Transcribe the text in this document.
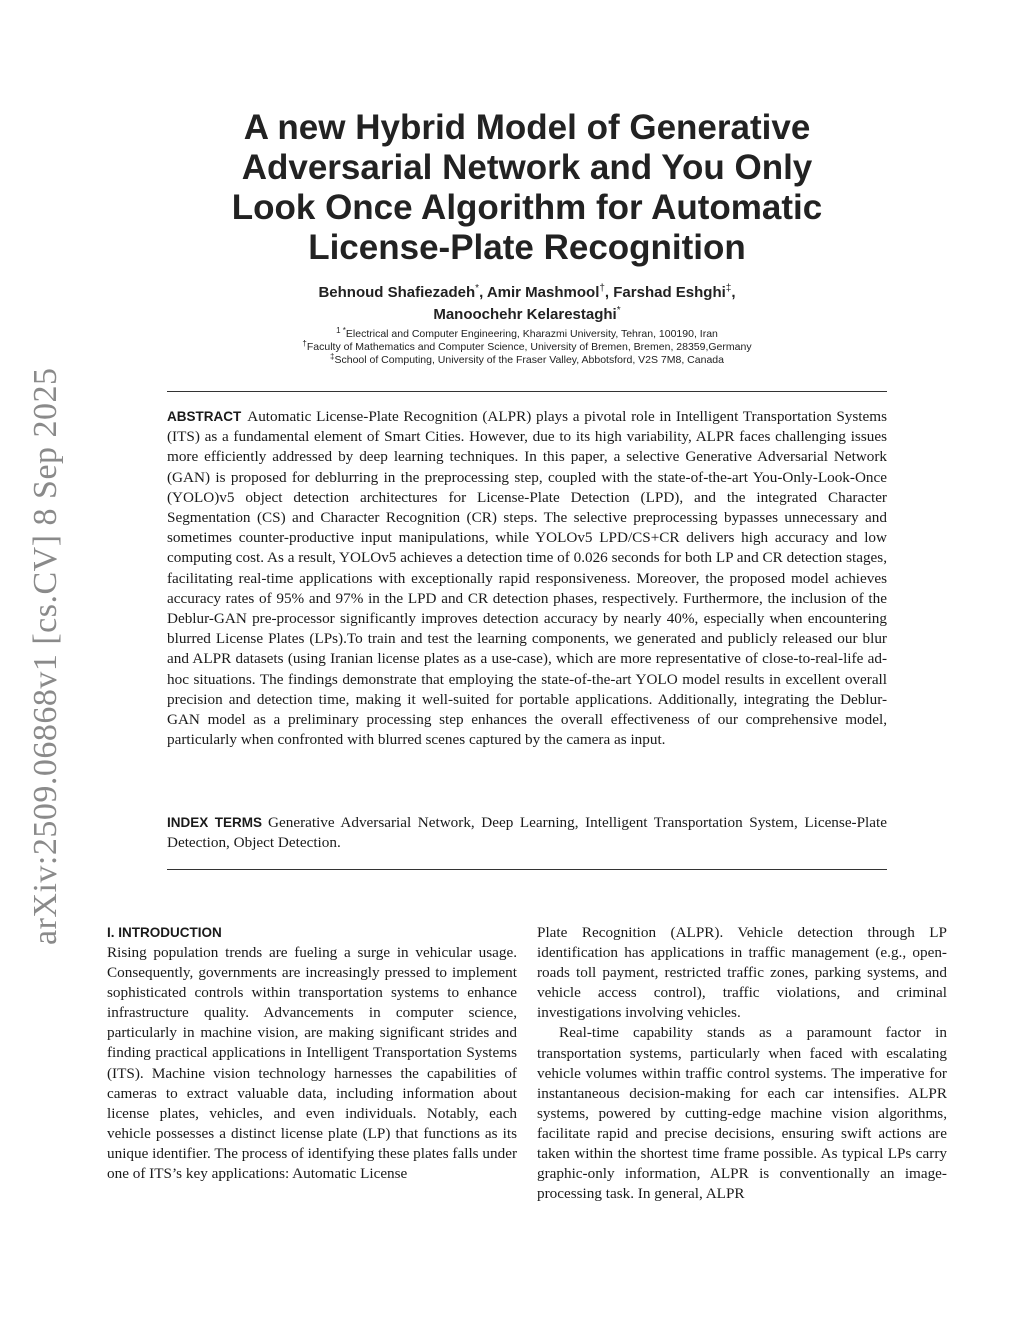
arXiv:2509.06868v1 [cs.CV] 8 Sep 2025
A new Hybrid Model of Generative
Adversarial Network and You Only
Look Once Algorithm for Automatic
License-Plate Recognition
Behnoud Shafiezadeh*, Amir Mashmool†, Farshad Eshghi‡,
Manoochehr Kelarestaghi*
$^{1 *}$Electrical and Computer Engineering, Kharazmi University, Tehran, 100190, Iran
†Faculty of Mathematics and Computer Science, University of Bremen, Bremen, 28359,Germany
‡School of Computing, University of the Fraser Valley, Abbotsford, V2S 7M8, Canada

ABSTRACT Automatic License-Plate Recognition (ALPR) plays a pivotal role in Intelligent Transportation Systems (ITS) as a fundamental element of Smart Cities. However, due to its high variability, ALPR faces challenging issues more efficiently addressed by deep learning techniques. In this paper, a selective Generative Adversarial Network (GAN) is proposed for deblurring in the preprocessing step, coupled with the state-of-the-art You-Only-Look-Once (YOLO)v5 object detection architectures for License-Plate Detection (LPD), and the integrated Character Segmentation (CS) and Character Recognition (CR) steps. The selective preprocessing bypasses unnecessary and sometimes counter-productive input manipulations, while YOLOv5 LPD/CS+CR delivers high accuracy and low computing cost. As a result, YOLOv5 achieves a detection time of 0.026 seconds for both LP and CR detection stages, facilitating real-time applications with exceptionally rapid responsiveness. Moreover, the proposed model achieves accuracy rates of 95% and 97% in the LPD and CR detection phases, respectively. Furthermore, the inclusion of the Deblur-GAN pre-processor significantly improves detection accuracy by nearly 40%, especially when encountering blurred License Plates (LPs).To train and test the learning components, we generated and publicly released our blur and ALPR datasets (using Iranian license plates as a use-case), which are more representative of close-to-real-life ad-hoc situations. The findings demonstrate that employing the state-of-the-art YOLO model results in excellent overall precision and detection time, making it well-suited for portable applications. Additionally, integrating the Deblur-GAN model as a preliminary processing step enhances the overall effectiveness of our comprehensive model, particularly when confronted with blurred scenes captured by the camera as input.

INDEX TERMS Generative Adversarial Network, Deep Learning, Intelligent Transportation System, License-Plate Detection, Object Detection.

I. INTRODUCTION

Rising population trends are fueling a surge in vehicular usage. Consequently, governments are increasingly pressed to implement sophisticated controls within transportation systems to enhance infrastructure quality. Advancements in computer science, particularly in machine vision, are making significant strides and finding practical applications in Intelligent Transportation Systems (ITS). Machine vision technology harnesses the capabilities of cameras to extract valuable data, including information about license plates, vehicles, and even individuals. Notably, each vehicle possesses a distinct license plate (LP) that functions as its unique identifier. The process of identifying these plates falls under one of ITS’s key applications: Automatic License

Plate Recognition (ALPR). Vehicle detection through LP identification has applications in traffic management (e.g., open-roads toll payment, restricted traffic zones, parking systems, and vehicle access control), traffic violations, and criminal investigations involving vehicles.

Real-time capability stands as a paramount factor in transportation systems, particularly when faced with escalating vehicle volumes within traffic control systems. The imperative for instantaneous decision-making for each car intensifies. ALPR systems, powered by cutting-edge machine vision algorithms, facilitate rapid and precise decisions, ensuring swift actions are taken within the shortest time frame possible. As typical LPs carry graphic-only information, ALPR is conventionally an image-processing task. In general, ALPR
